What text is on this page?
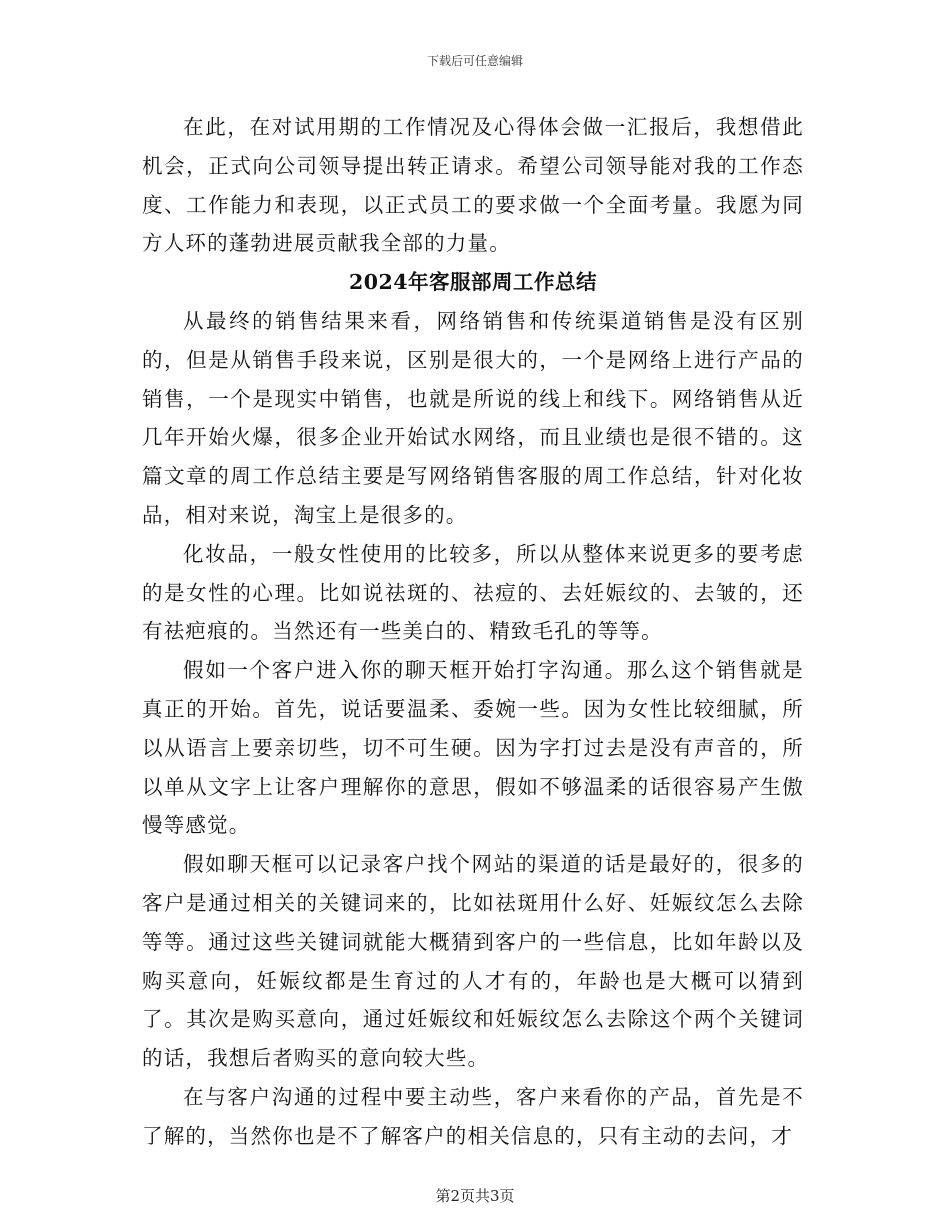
下载后可任意编辑

在此，在对试用期的工作情况及心得体会做一汇报后，我想借此机会，正式向公司领导提出转正请求。希望公司领导能对我的工作态度、工作能力和表现，以正式员工的要求做一个全面考量。我愿为同方人环的蓬勃进展贡献我全部的力量。

2024年客服部周工作总结

从最终的销售结果来看，网络销售和传统渠道销售是没有区别的，但是从销售手段来说，区别是很大的，一个是网络上进行产品的销售，一个是现实中销售，也就是所说的线上和线下。网络销售从近几年开始火爆，很多企业开始试水网络，而且业绩也是很不错的。这篇文章的周工作总结主要是写网络销售客服的周工作总结，针对化妆品，相对来说，淘宝上是很多的。

化妆品，一般女性使用的比较多，所以从整体来说更多的要考虑的是女性的心理。比如说祛斑的、祛痘的、去妊娠纹的、去皱的，还有祛疤痕的。当然还有一些美白的、精致毛孔的等等。

假如一个客户进入你的聊天框开始打字沟通。那么这个销售就是真正的开始。首先，说话要温柔、委婉一些。因为女性比较细腻，所以从语言上要亲切些，切不可生硬。因为字打过去是没有声音的，所以单从文字上让客户理解你的意思，假如不够温柔的话很容易产生傲慢等感觉。

假如聊天框可以记录客户找个网站的渠道的话是最好的，很多的客户是通过相关的关键词来的，比如祛斑用什么好、妊娠纹怎么去除等等。通过这些关键词就能大概猜到客户的一些信息，比如年龄以及购买意向，妊娠纹都是生育过的人才有的，年龄也是大概可以猜到了。其次是购买意向，通过妊娠纹和妊娠纹怎么去除这个两个关键词的话，我想后者购买的意向较大些。

在与客户沟通的过程中要主动些，客户来看你的产品，首先是不了解的，当然你也是不了解客户的相关信息的，只有主动的去问，才

第2页共3页
